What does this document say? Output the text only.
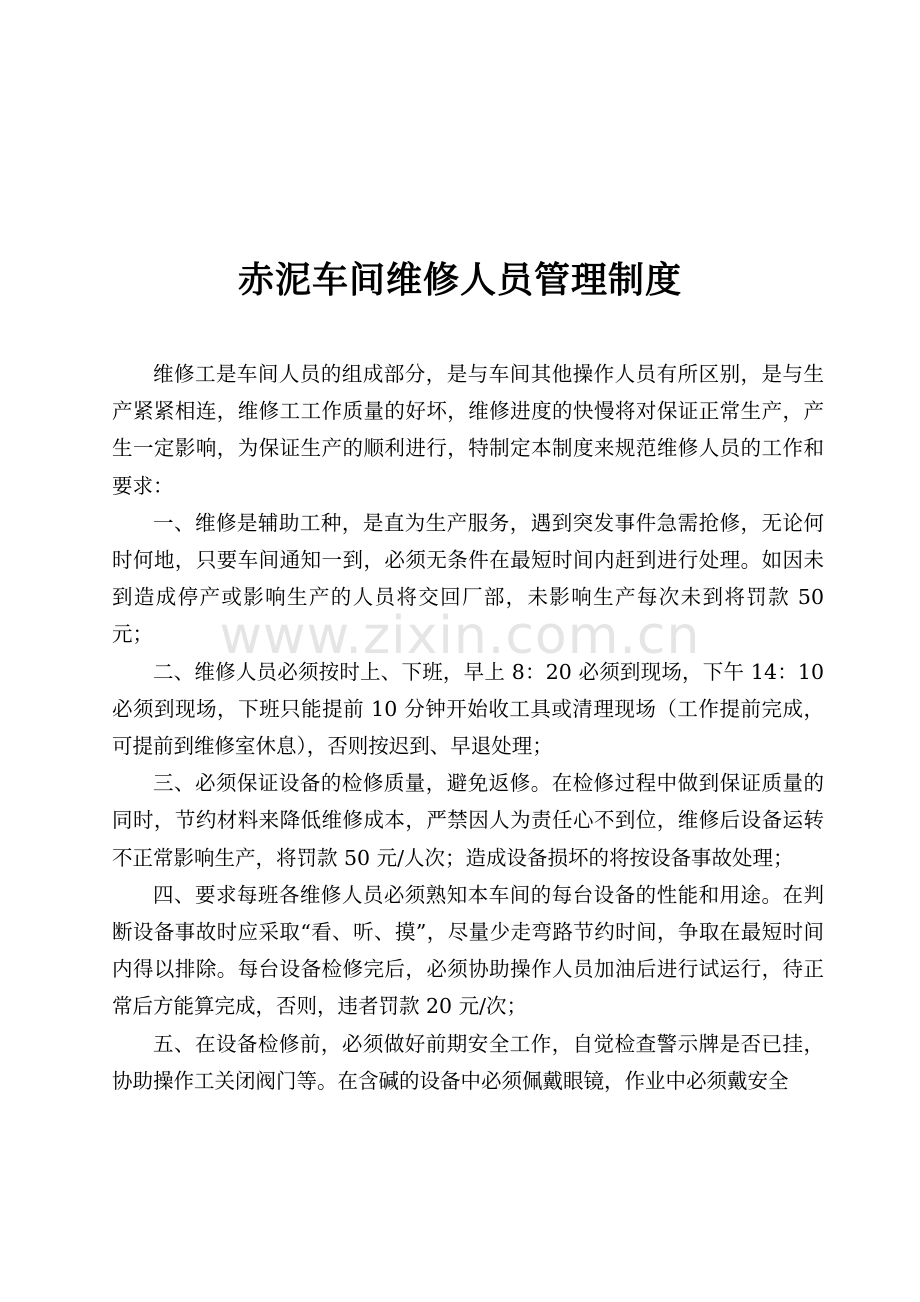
赤泥车间维修人员管理制度

维修工是车间人员的组成部分，是与车间其他操作人员有所区别，是与生产紧紧相连，维修工工作质量的好坏，维修进度的快慢将对保证正常生产，产生一定影响，为保证生产的顺利进行，特制定本制度来规范维修人员的工作和要求：

一、维修是辅助工种，是直为生产服务，遇到突发事件急需抢修，无论何时何地，只要车间通知一到，必须无条件在最短时间内赶到进行处理。如因未到造成停产或影响生产的人员将交回厂部，未影响生产每次未到将罚款 50 元；

二、维修人员必须按时上、下班，早上 8：20 必须到现场，下午 14：10 必须到现场，下班只能提前 10 分钟开始收工具或清理现场（工作提前完成，可提前到维修室休息），否则按迟到、早退处理；

三、必须保证设备的检修质量，避免返修。在检修过程中做到保证质量的同时，节约材料来降低维修成本，严禁因人为责任心不到位，维修后设备运转不正常影响生产，将罚款 50 元/人次；造成设备损坏的将按设备事故处理；

四、要求每班各维修人员必须熟知本车间的每台设备的性能和用途。在判断设备事故时应采取“看、听、摸”，尽量少走弯路节约时间，争取在最短时间内得以排除。每台设备检修完后，必须协助操作人员加油后进行试运行，待正常后方能算完成，否则，违者罚款 20 元/次；

五、在设备检修前，必须做好前期安全工作，自觉检查警示牌是否已挂，协助操作工关闭阀门等。在含碱的设备中必须佩戴眼镜，作业中必须戴安全

www.zixin.com.cn
